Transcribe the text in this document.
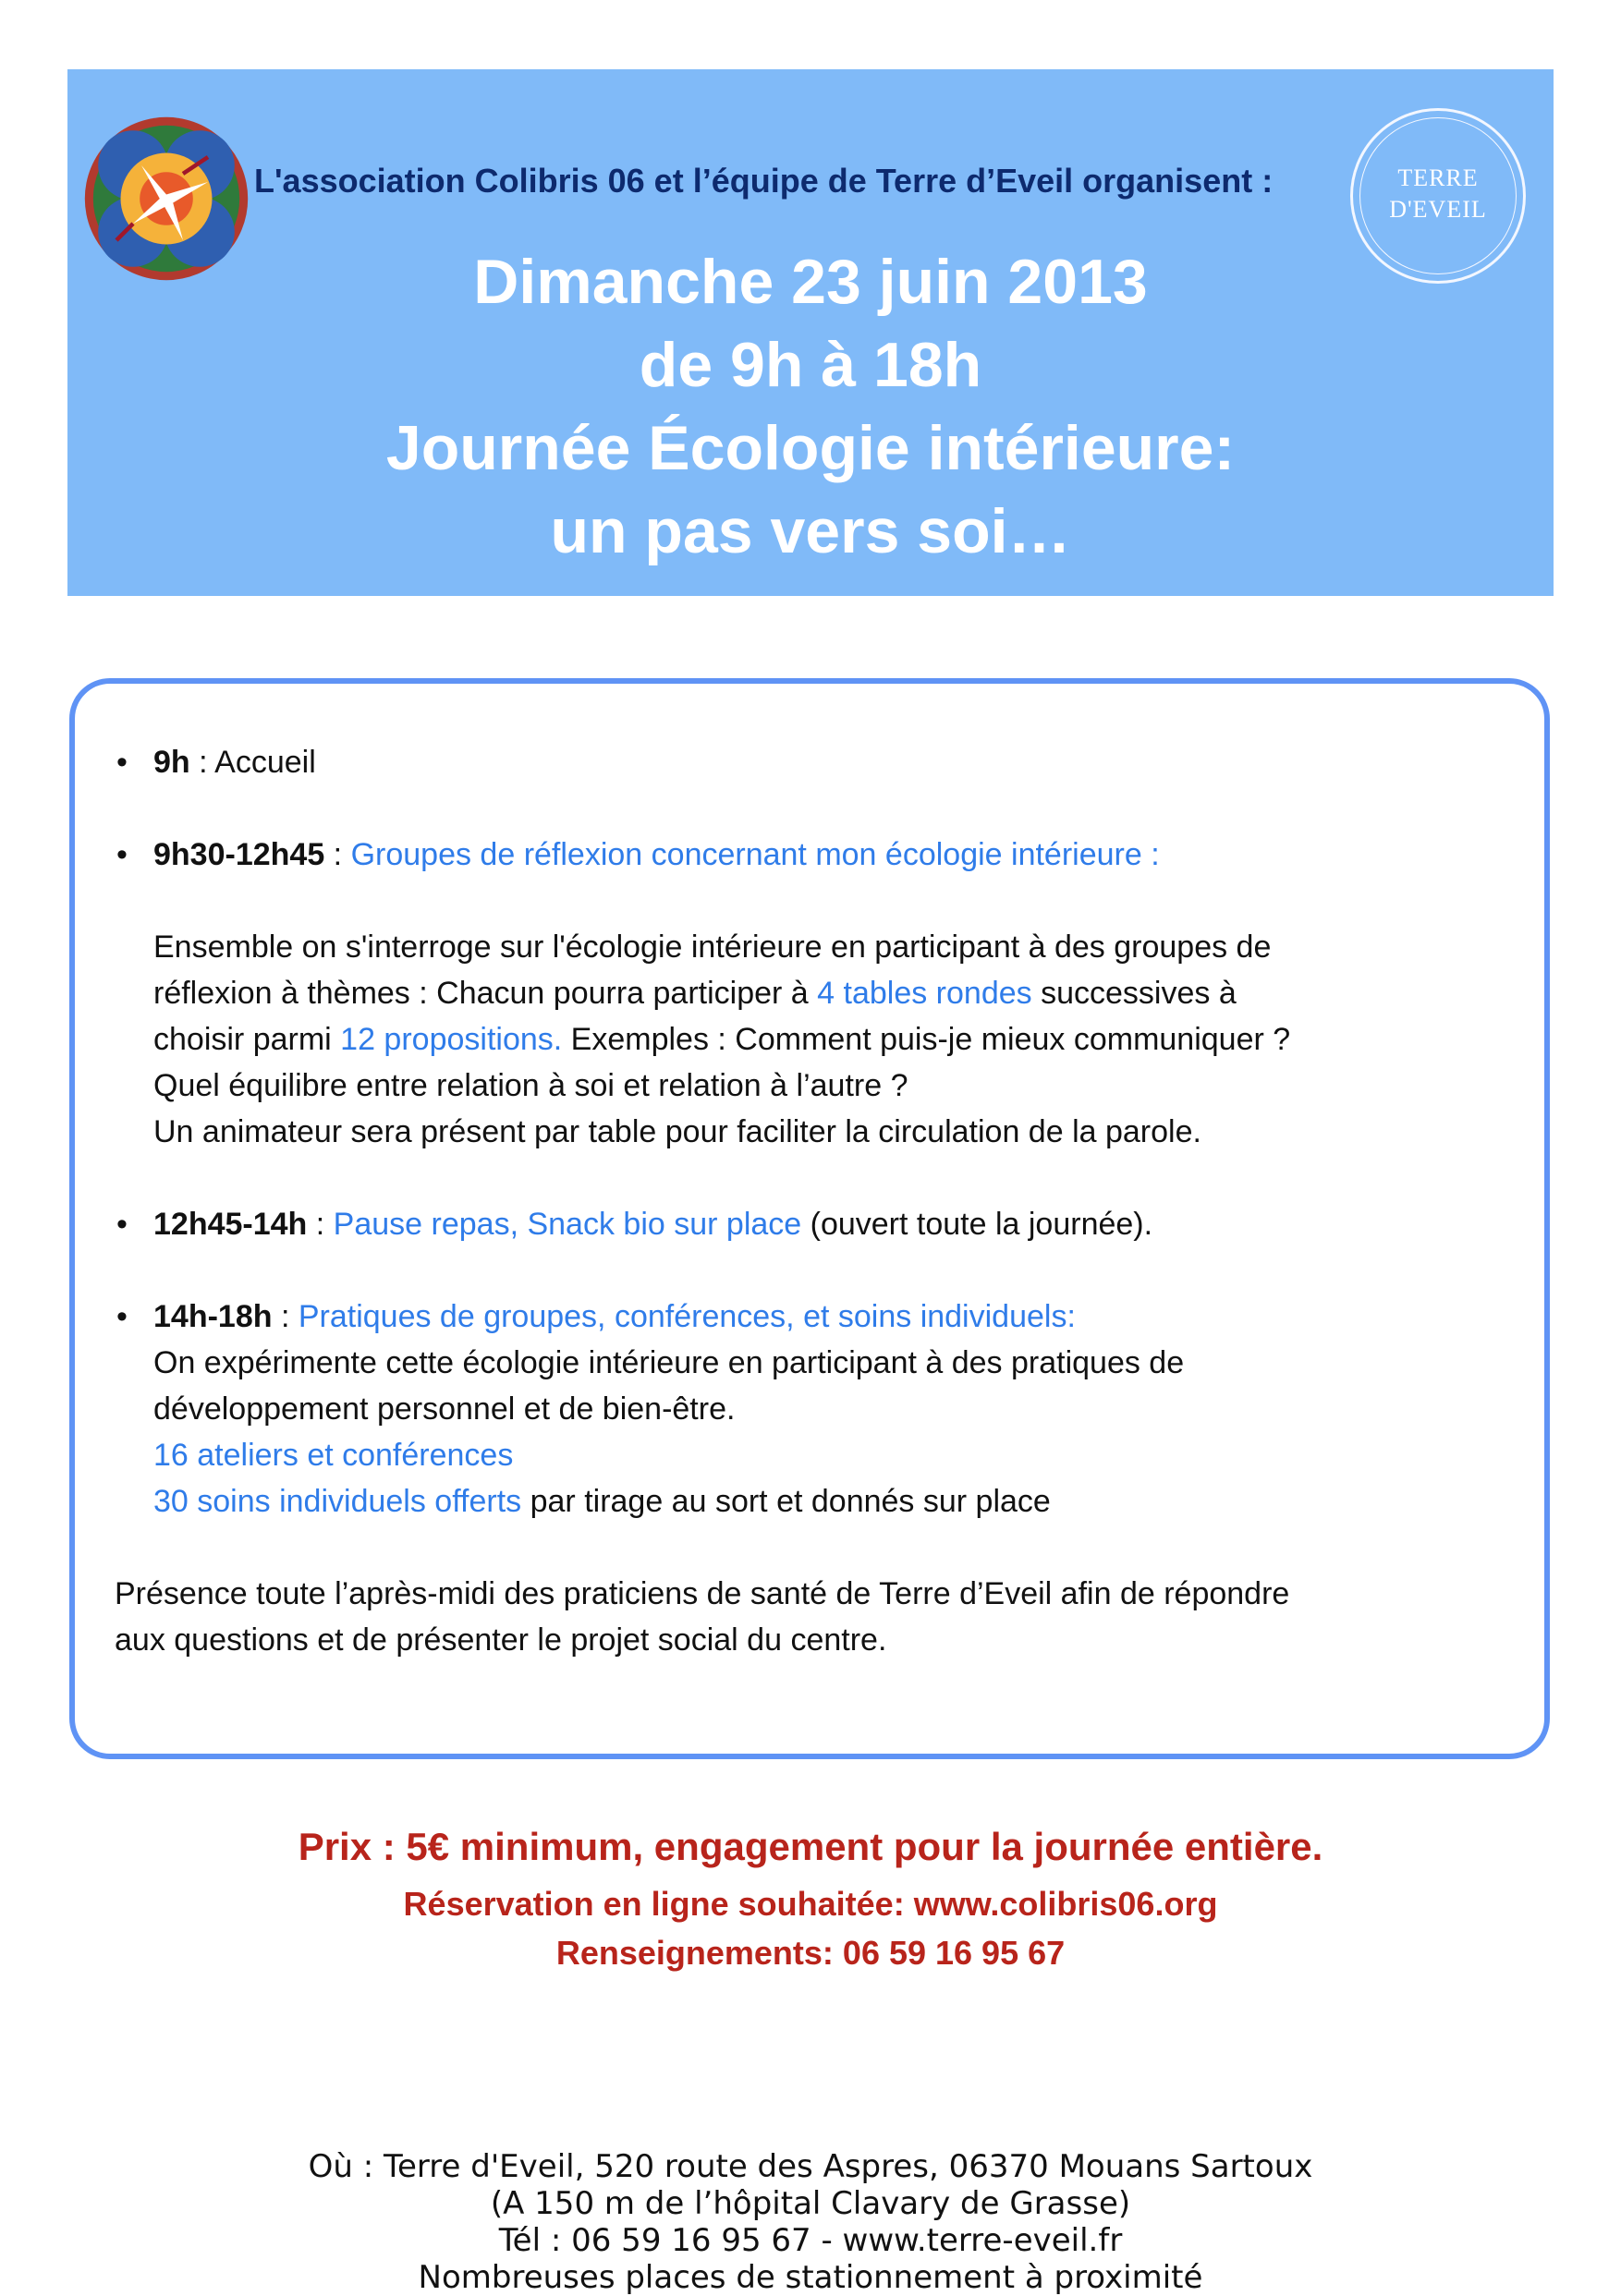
L'association Colibris 06 et l’équipe de Terre d’Eveil organisent :	TERRE
D'EVEIL
Dimanche 23 juin 2013
de 9h à 18h
Journée Écologie intérieure:
un pas vers soi…
• 9h : Accueil
• 9h30-12h45 : Groupes de réflexion concernant mon écologie intérieure :
Ensemble on s'interroge sur l'écologie intérieure en participant à des groupes de
réflexion à thèmes : Chacun pourra participer à 4 tables rondes successives à
choisir parmi 12 propositions. Exemples : Comment puis-je mieux communiquer ?
Quel équilibre entre relation à soi et relation à l’autre ?
Un animateur sera présent par table pour faciliter la circulation de la parole.
• 12h45-14h : Pause repas, Snack bio sur place (ouvert toute la journée).
• 14h-18h : Pratiques de groupes, conférences, et soins individuels:
On expérimente cette écologie intérieure en participant à des pratiques de
développement personnel et de bien-être.
16 ateliers et conférences
30 soins individuels offerts par tirage au sort et donnés sur place
Présence toute l’après-midi des praticiens de santé de Terre d’Eveil afin de répondre
aux questions et de présenter le projet social du centre.
Prix : 5€ minimum, engagement pour la journée entière.
Réservation en ligne souhaitée: www.colibris06.org
Renseignements: 06 59 16 95 67
Où : Terre d'Eveil, 520 route des Aspres, 06370 Mouans Sartoux
(A 150 m de l’hôpital Clavary de Grasse)
Tél : 06 59 16 95 67 - www.terre-eveil.fr
Nombreuses places de stationnement à proximité
